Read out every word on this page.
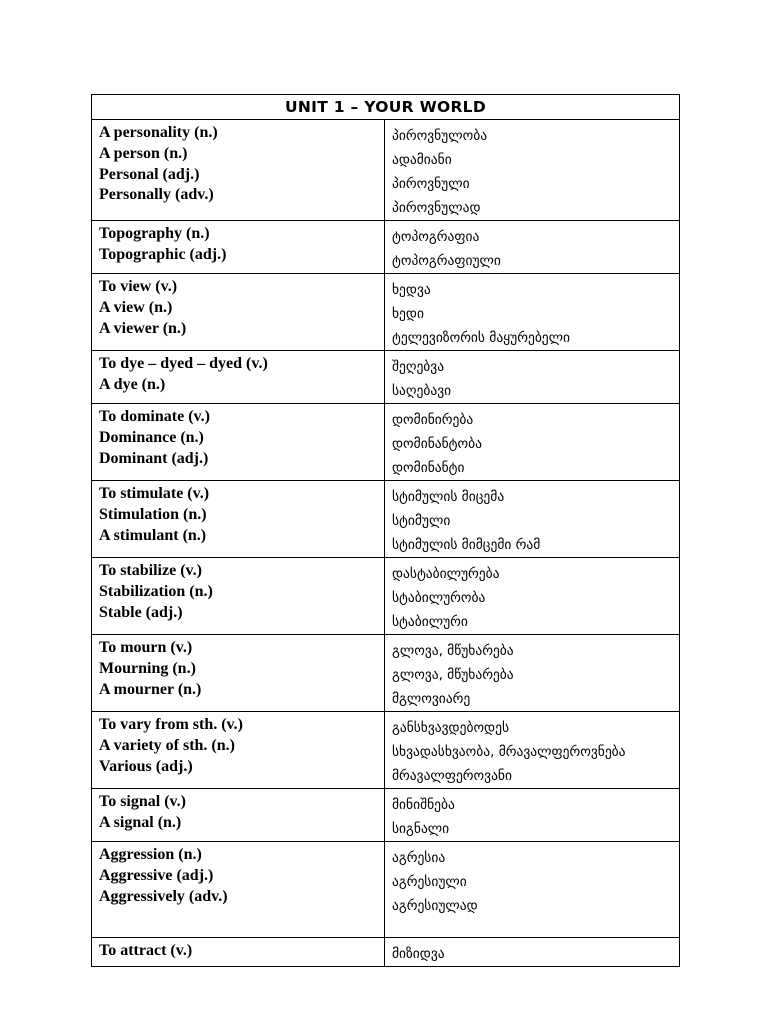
UNIT 1 – YOUR WORLD	

A personality (n.)
A person (n.)
Personal (adj.)
Personally (adv.)	პიროვნულობა
ადამიანი
პიროვნული
პიროვნულად

Topography (n.)
Topographic (adj.)	ტოპოგრაფია
ტოპოგრაფიული

To view (v.)
A view (n.)
A viewer (n.)	ხედვა
ხედი
ტელევიზორის მაყურებელი

To dye – dyed – dyed (v.)
A dye (n.)	შეღებვა
საღებავი

To dominate (v.)
Dominance (n.)
Dominant (adj.)	დომინირება
დომინანტობა
დომინანტი

To stimulate (v.)
Stimulation (n.)
A stimulant (n.)	სტიმულის მიცემა
სტიმული
სტიმულის მიმცემი რამ

To stabilize (v.)
Stabilization (n.)
Stable (adj.)	დასტაბილურება
სტაბილურობა
სტაბილური

To mourn (v.)
Mourning (n.)
A mourner (n.)	გლოვა, მწუხარება
გლოვა, მწუხარება
მგლოვიარე

To vary from sth. (v.)
A variety of sth. (n.)
Various (adj.)	განსხვავდებოდეს
სხვადასხვაობა, მრავალფეროვნება
მრავალფეროვანი

To signal (v.)
A signal (n.)	მინიშნება
სიგნალი

Aggression (n.)
Aggressive (adj.)
Aggressively (adv.)	აგრესია
აგრესიული
აგრესიულად

To attract (v.)	მიზიდვა
